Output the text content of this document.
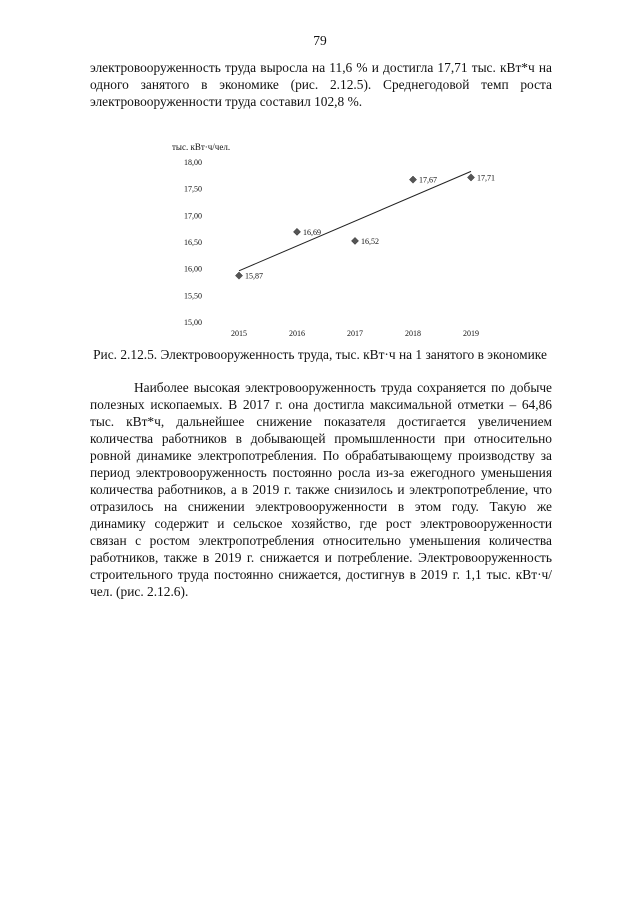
79

электровооруженность труда выросла на 11,6 % и достигла 17,71 тыс. кВт*ч на одного занятого в экономике (рис. 2.12.5). Среднегодовой темп роста электровооруженности труда составил 102,8 %.

тыс. кВт·ч/чел.
15,00
15,50
16,00
16,50
17,00
17,50
18,00
2015	2016	2017	2018	2019
15,87
16,69
16,52
17,67	17,71
Рис. 2.12.5. Электровооруженность труда, тыс. кВт·ч на 1 занятого в экономике

Наиболее высокая электровооруженность труда сохраняется по добыче полезных ископаемых. В 2017 г. она достигла максимальной отметки – 64,86 тыс. кВт*ч, дальнейшее снижение показателя достигается увеличением количества работников в добывающей промышленности при относительно ровной динамике электропотребления. По обрабатывающему производству за период электровооруженность постоянно росла из-за ежегодного уменьшения количества работников, а в 2019 г. также снизилось и электропотребление, что отразилось на снижении электровооруженности в этом году. Такую же динамику содержит и сельское хозяйство, где рост электровооруженности связан с ростом электропотребления относительно уменьшения количества работников, также в 2019 г. снижается и потребление. Электровооруженность строительного труда постоянно снижается, достигнув в 2019 г. 1,1 тыс. кВт·ч/чел. (рис. 2.12.6).
